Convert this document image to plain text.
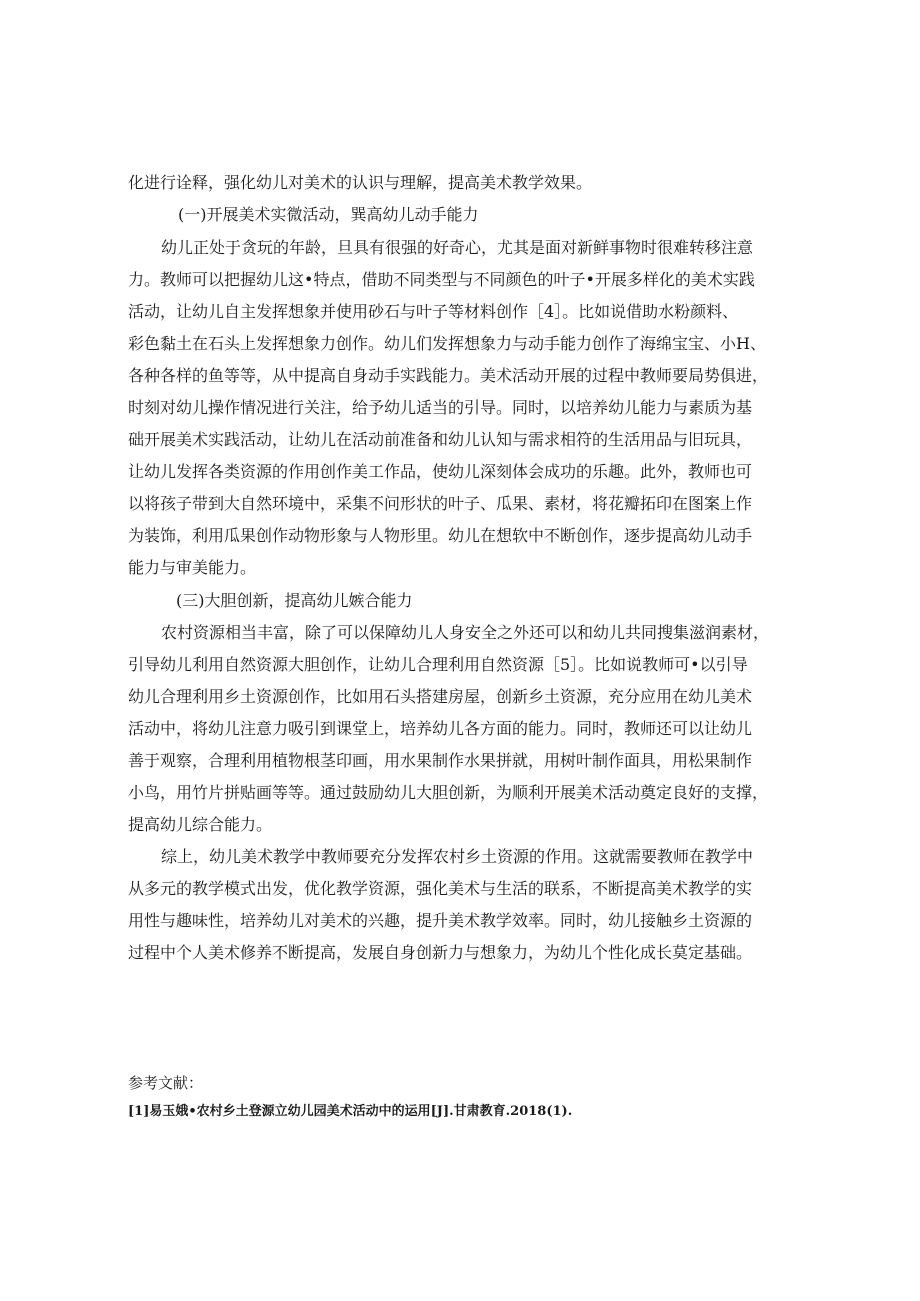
化进行诠释，强化幼儿对美术的认识与理解，提高美术教学效果。
(一)开展美术实微活动，巽高幼儿动手能力
幼儿正处于贪玩的年龄，旦具有很强的好奇心，尤其是面对新鲜事物时很难转移注意
力。教师可以把握幼儿这•特点，借助不同类型与不同颜色的叶子•开展多样化的美术实践
活动，让幼儿自主发挥想象并使用砂石与叶子等材料创作［4］。比如说借助水粉颜料、
彩色黏土在石头上发挥想象力创作。幼儿们发挥想象力与动手能力创作了海绵宝宝、小H、
各种各样的鱼等等，从中提高自身动手实践能力。美术活动开展的过程中教师要局势俱进，
时刻对幼儿操作情况进行关注，给予幼儿适当的引导。同时，以培养幼儿能力与素质为基
础开展美术实践活动，让幼儿在活动前准备和幼儿认知与需求相符的生活用品与旧玩具，
让幼儿发挥各类资源的作用创作美工作品，使幼儿深刻体会成功的乐趣。此外，教师也可
以将孩子带到大自然环境中，采集不问形状的叶子、瓜果、素材，将花瓣拓印在图案上作
为装饰，利用瓜果创作动物形象与人物形里。幼儿在想软中不断创作，逐步提高幼儿动手
能力与审美能力。
(三)大胆创新，提高幼儿嫉合能力
农村资源相当丰富，除了可以保障幼儿人身安全之外还可以和幼儿共同搜集滋润素材，
引导幼儿利用自然资源大胆创作，让幼儿合理利用自然资源［5］。比如说教师可•以引导
幼儿合理利用乡土资源创作，比如用石头搭建房屋，创新乡土资源，充分应用在幼儿美术
活动中，将幼儿注意力吸引到课堂上，培养幼儿各方面的能力。同时，教师还可以让幼儿
善于观察，合理利用植物根茎印画，用水果制作水果拼就，用树叶制作面具，用松果制作
小鸟，用竹片拼贴画等等。通过鼓励幼儿大胆创新，为顺利开展美术活动奠定良好的支撑，
提高幼儿综合能力。
综上，幼儿美术教学中教师要充分发挥农村乡土资源的作用。这就需要教师在教学中
从多元的教学模式出发，优化教学资源，强化美术与生活的联系，不断提高美术教学的实
用性与趣味性，培养幼儿对美术的兴趣，提升美术教学效率。同时，幼儿接触乡土资源的
过程中个人美术修养不断提高，发展自身创新力与想象力，为幼儿个性化成长莫定基础。
参考文献：
[1]易玉娥•农村乡土登源立幼儿园美术活动中的运用[J].甘肃教育.2018(1).
